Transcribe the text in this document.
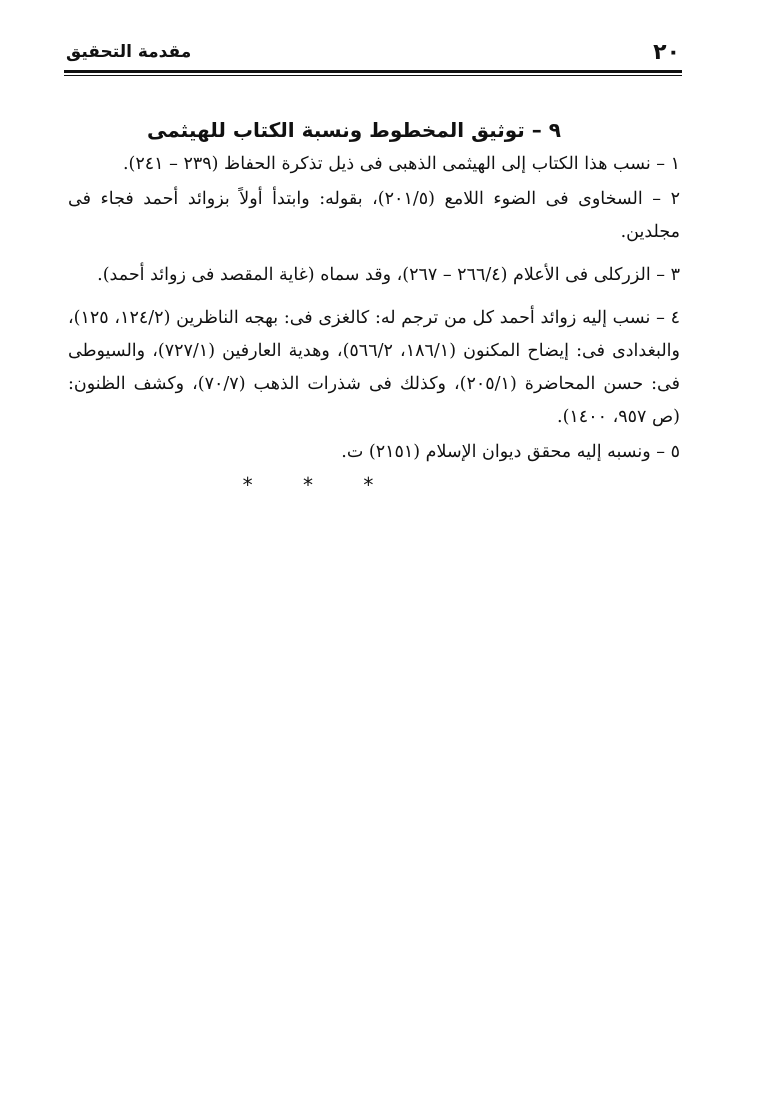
٢٠
مقدمة التحقيق
٩ – توثيق المخطوط ونسبة الكتاب للهيثمى

١ – نسب هذا الكتاب إلى الهيثمى الذهبى فى ذيل تذكرة الحفاظ (٢٣٩ – ٢٤١).

٢ – السخاوى فى الضوء اللامع (٢٠١/٥)، بقوله: وابتدأ أولاً بزوائد أحمد فجاء فى مجلدين.

٣ – الزركلى فى الأعلام (٢٦٦/٤ – ٢٦٧)، وقد سماه (غاية المقصد فى زوائد أحمد).

٤ – نسب إليه زوائد أحمد كل من ترجم له: كالغزى فى: بهجه الناظرين (١٢٤/٢، ١٢٥)، والبغدادى فى: إيضاح المكنون (١٨٦/١، ٥٦٦/٢)، وهدية العارفين (٧٢٧/١)، والسيوطى فى: حسن المحاضرة (٢٠٥/١)، وكذلك فى شذرات الذهب (٧٠/٧)، وكشف الظنون: (ص ٩٥٧، ١٤٠٠).

٥ – ونسبه إليه محقق ديوان الإسلام (٢١٥١) ت.

* * *
